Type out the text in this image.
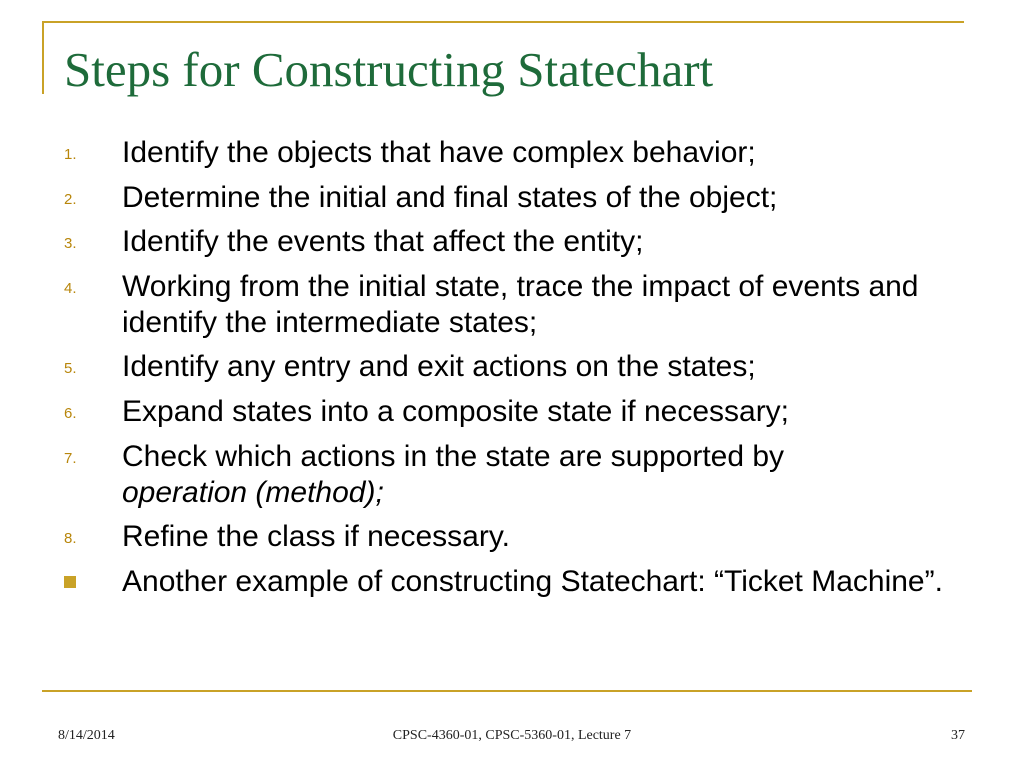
Steps for Constructing Statechart
1. Identify the objects that have complex behavior;
2. Determine the initial and final states of the object;
3. Identify the events that affect the entity;
4. Working from the initial state, trace the impact of events and identify the intermediate states;
5. Identify any entry and exit actions on the states;
6. Expand states into a composite state if necessary;
7. Check which actions in the state are supported by
operation (method);
8. Refine the class if necessary.
Another example of constructing Statechart: “Ticket Machine”.
8/14/2014	CPSC-4360-01, CPSC-5360-01, Lecture 7	37
